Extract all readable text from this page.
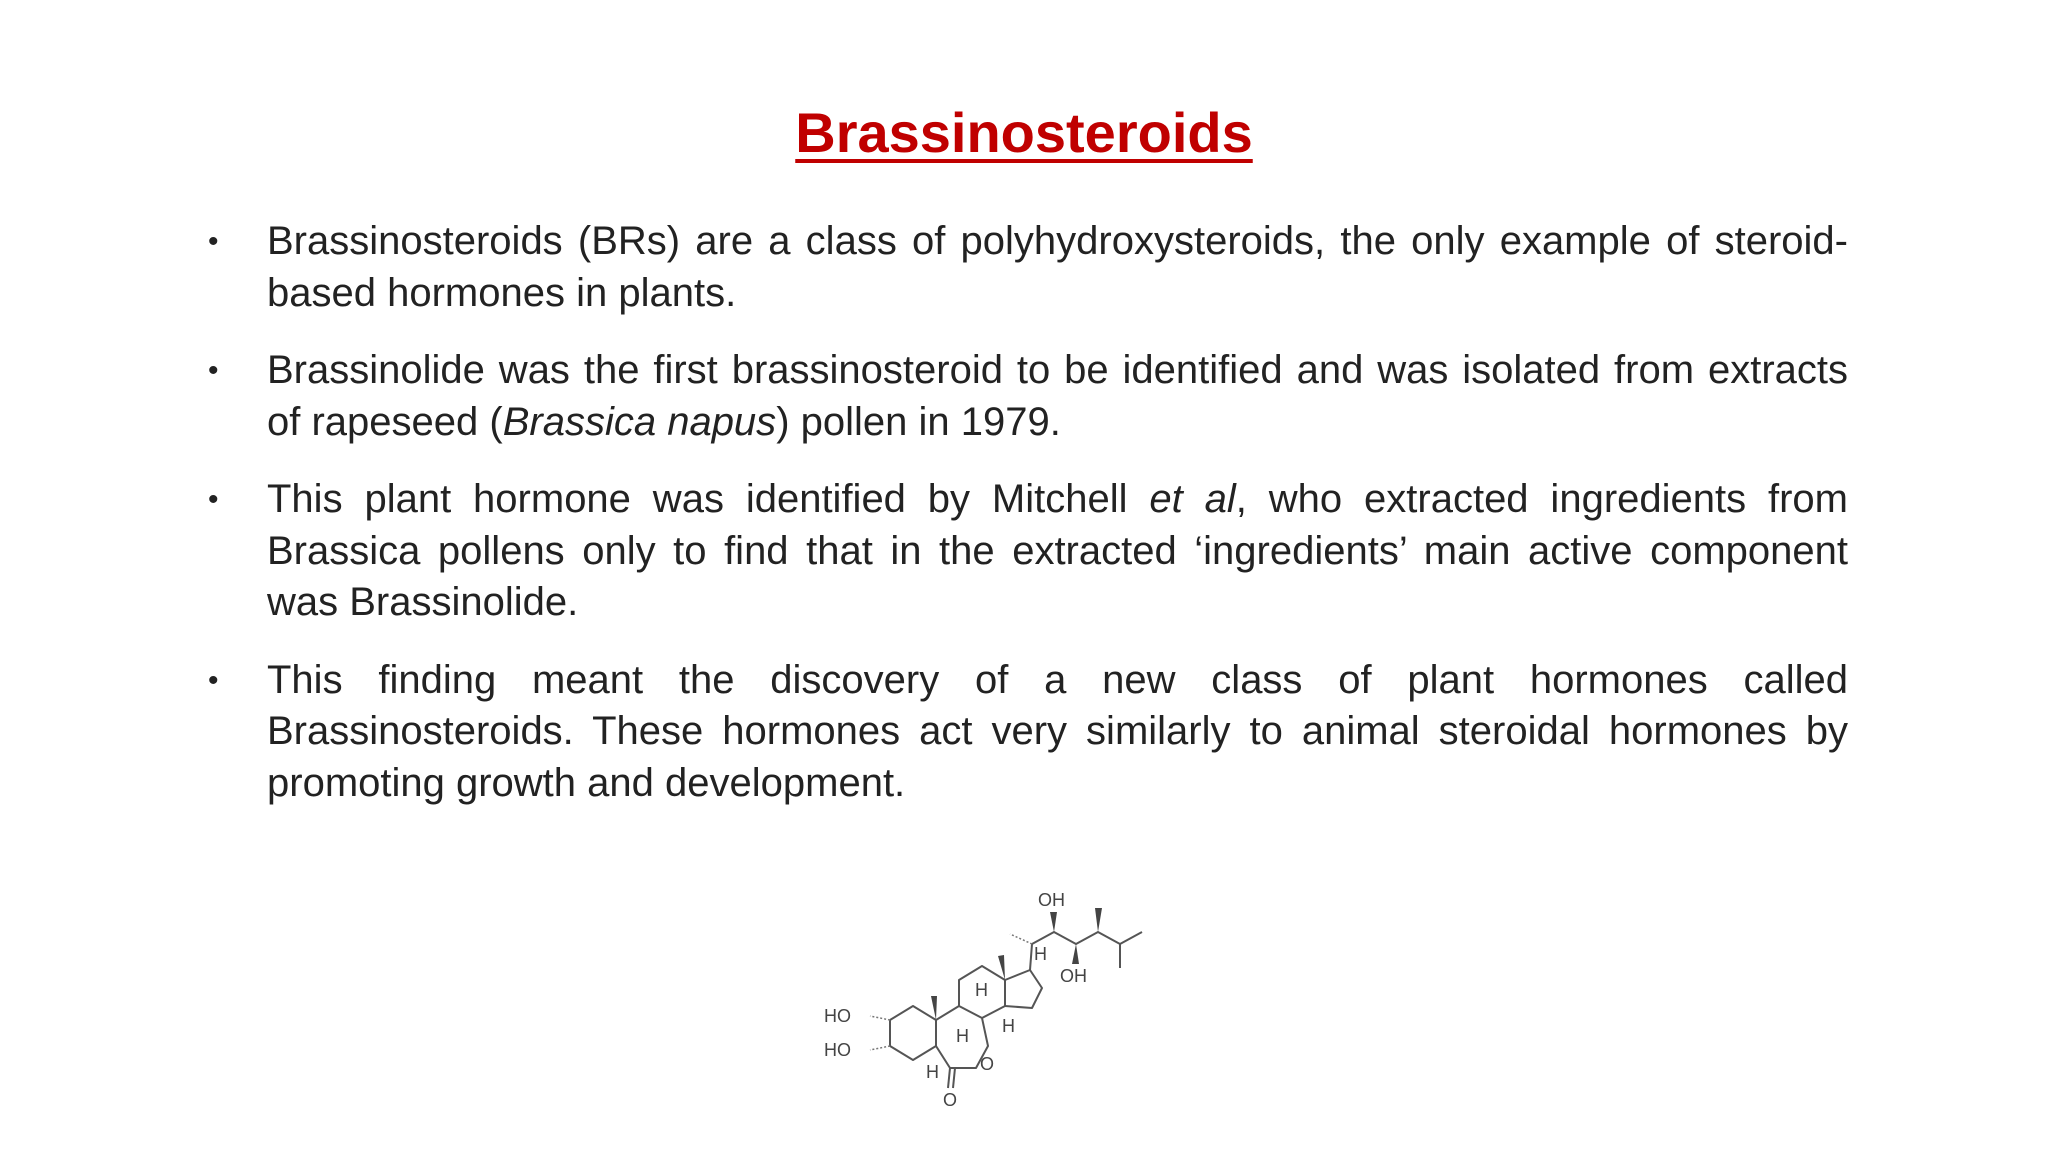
Brassinosteroids
•	Brassinosteroids (BRs) are a class of polyhydroxysteroids, the only example of steroid-based hormones in plants.
•	Brassinolide was the first brassinosteroid to be identified and was isolated from extracts of rapeseed (Brassica napus) pollen in 1979.
•	This plant hormone was identified by Mitchell et al, who extracted ingredients from Brassica pollens only to find that in the extracted ‘ingredients’ main active component was Brassinolide.
•	This finding meant the discovery of a new class of plant hormones called Brassinosteroids. These hormones act very similarly to animal steroidal hormones by promoting growth and development.
HO
HO
OH
OH
H
H
H H
H O
O
